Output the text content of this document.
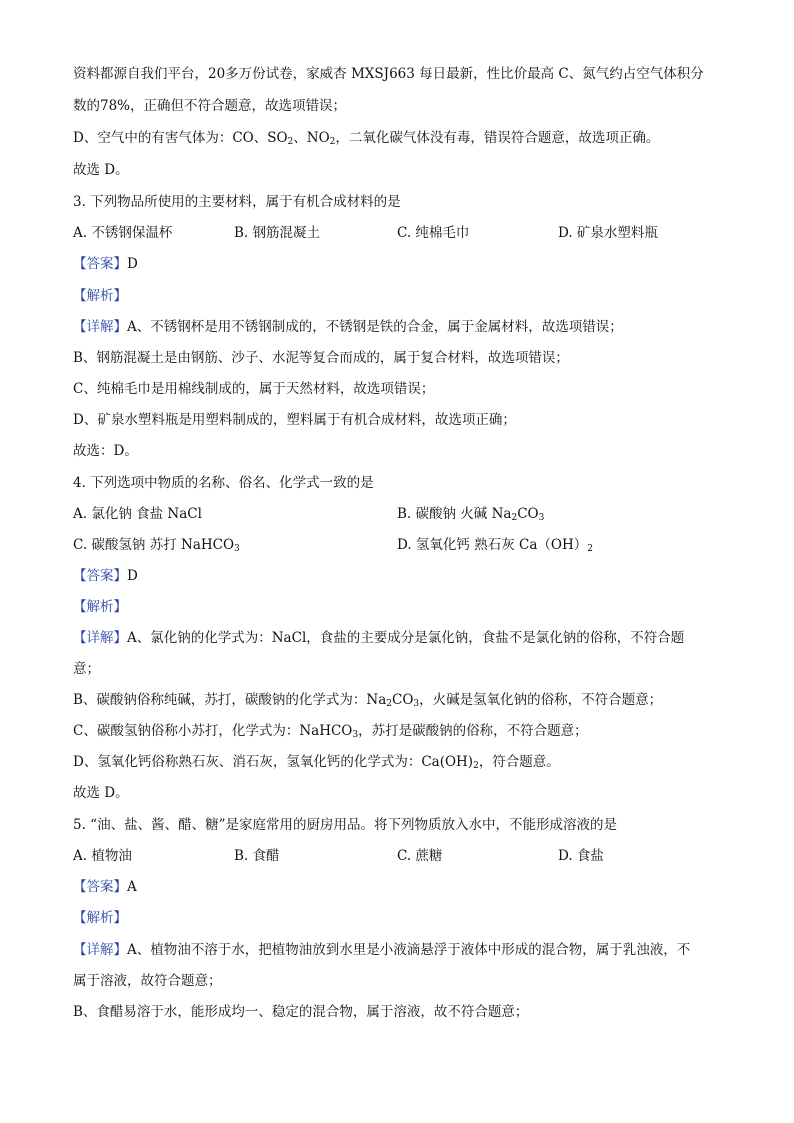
资料都源自我们平台，20多万份试卷，家威杏 MXSJ663 每日最新，性比价最高 C、氮气约占空气体积分
数的78%，正确但不符合题意，故选项错误；
D、空气中的有害气体为：CO、$SO_2$、$NO_2$，二氧化碳气体没有毒，错误符合题意，故选项正确。
故选 D。
3. 下列物品所使用的主要材料，属于有机合成材料的是
A. 不锈钢保温杯	B. 钢筋混凝土	C. 纯棉毛巾	D. 矿泉水塑料瓶
【答案】D
【解析】
【详解】A、不锈钢杯是用不锈钢制成的，不锈钢是铁的合金，属于金属材料，故选项错误；
B、钢筋混凝土是由钢筋、沙子、水泥等复合而成的，属于复合材料，故选项错误；
C、纯棉毛巾是用棉线制成的，属于天然材料，故选项错误；
D、矿泉水塑料瓶是用塑料制成的，塑料属于有机合成材料，故选项正确；
故选：D。
4. 下列选项中物质的名称、俗名、化学式一致的是
A. 氯化钠 食盐 NaCl	B. 碳酸钠 火碱 $Na_2CO_3$
C. 碳酸氢钠 苏打 NaHCO$_3$	D. 氢氧化钙 熟石灰 $Ca(OH)_2$
【答案】D
【解析】
【详解】A、氯化钠的化学式为：NaCl，食盐的主要成分是氯化钠，食盐不是氯化钠的俗称，不符合题
意；
B、碳酸钠俗称纯碱，苏打，碳酸钠的化学式为：$Na_2CO_3$，火碱是氢氧化钠的俗称，不符合题意；
C、碳酸氢钠俗称小苏打，化学式为：NaHCO$_3$，苏打是碳酸钠的俗称，不符合题意；
D、氢氧化钙俗称熟石灰、消石灰，氢氧化钙的化学式为：$Ca(OH)_2$，符合题意。
故选 D。
5. “油、盐、酱、醋、糖”是家庭常用的厨房用品。将下列物质放入水中，不能形成溶液的是
A. 植物油	B. 食醋	C. 蔗糖	D. 食盐
【答案】A
【解析】
【详解】A、植物油不溶于水，把植物油放到水里是小液滴悬浮于液体中形成的混合物，属于乳浊液，不
属于溶液，故符合题意；
B、食醋易溶于水，能形成均一、稳定的混合物，属于溶液，故不符合题意；
